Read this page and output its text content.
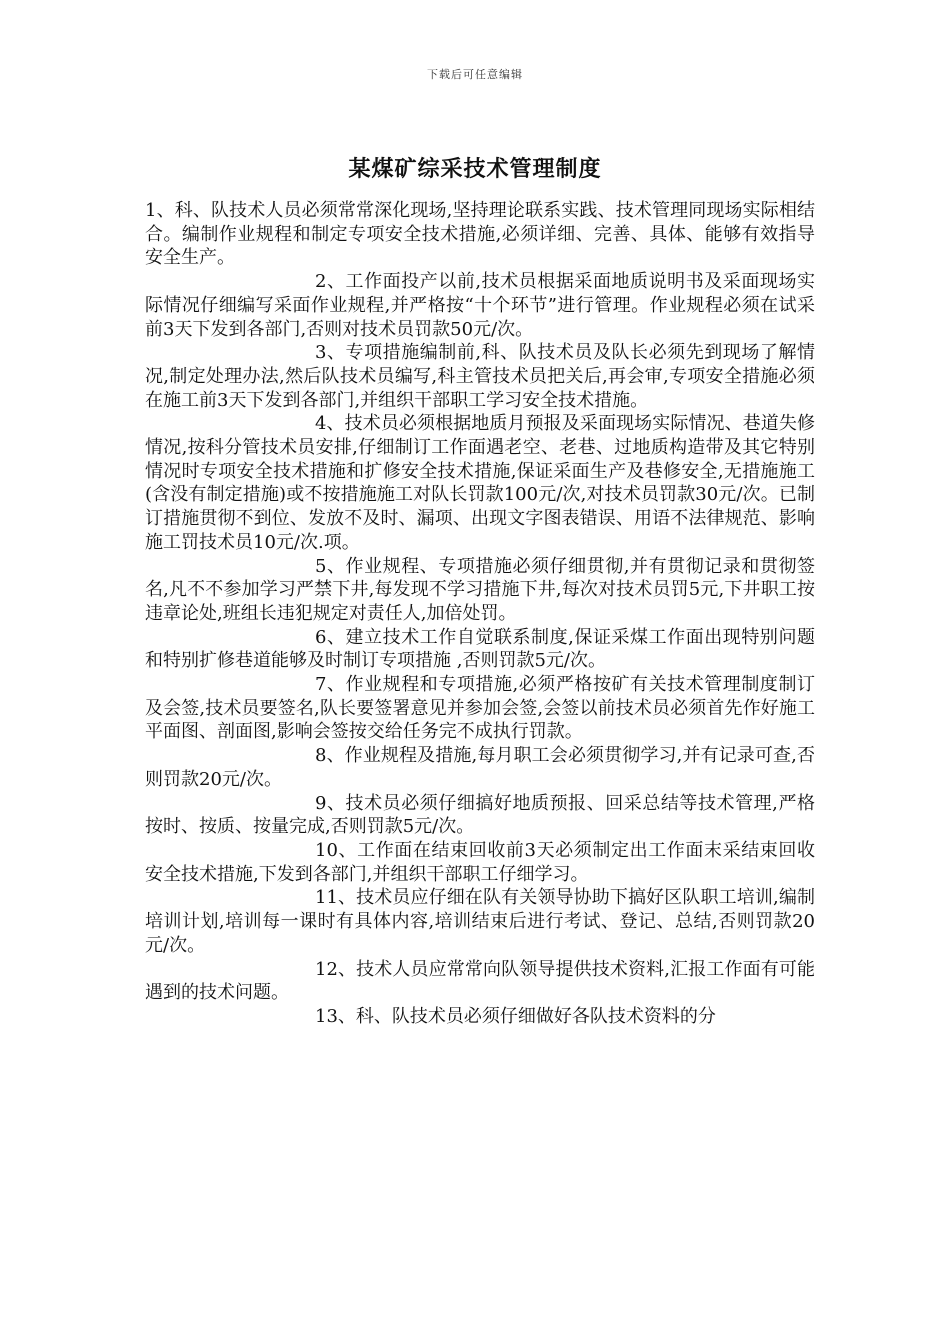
下载后可任意编辑
某煤矿综采技术管理制度

1、科、队技术人员必须常常深化现场,坚持理论联系实践、技术管理同现场实际相结合。编制作业规程和制定专项安全技术措施,必须详细、完善、具体、能够有效指导安全生产。

2、工作面投产以前,技术员根据采面地质说明书及采面现场实际情况仔细编写采面作业规程,并严格按“十个环节”进行管理。作业规程必须在试采前3天下发到各部门,否则对技术员罚款50元/次。

3、专项措施编制前,科、队技术员及队长必须先到现场了解情况,制定处理办法,然后队技术员编写,科主管技术员把关后,再会审,专项安全措施必须在施工前3天下发到各部门,并组织干部职工学习安全技术措施。

4、技术员必须根据地质月预报及采面现场实际情况、巷道失修情况,按科分管技术员安排,仔细制订工作面遇老空、老巷、过地质构造带及其它特别情况时专项安全技术措施和扩修安全技术措施,保证采面生产及巷修安全,无措施施工(含没有制定措施)或不按措施施工对队长罚款100元/次,对技术员罚款30元/次。已制订措施贯彻不到位、发放不及时、漏项、出现文字图表错误、用语不法律规范、影响施工罚技术员10元/次.项。

5、作业规程、专项措施必须仔细贯彻,并有贯彻记录和贯彻签名,凡不不参加学习严禁下井,每发现不学习措施下井,每次对技术员罚5元,下井职工按违章论处,班组长违犯规定对责任人,加倍处罚。

6、建立技术工作自觉联系制度,保证采煤工作面出现特别问题和特别扩修巷道能够及时制订专项措施 ,否则罚款5元/次。

7、作业规程和专项措施,必须严格按矿有关技术管理制度制订及会签,技术员要签名,队长要签署意见并参加会签,会签以前技术员必须首先作好施工平面图、剖面图,影响会签按交给任务完不成执行罚款。

8、作业规程及措施,每月职工会必须贯彻学习,并有记录可查,否则罚款20元/次。

9、技术员必须仔细搞好地质预报、回采总结等技术管理,严格按时、按质、按量完成,否则罚款5元/次。

10、工作面在结束回收前3天必须制定出工作面末采结束回收安全技术措施,下发到各部门,并组织干部职工仔细学习。

11、技术员应仔细在队有关领导协助下搞好区队职工培训,编制培训计划,培训每一课时有具体内容,培训结束后进行考试、登记、总结,否则罚款20元/次。

12、技术人员应常常向队领导提供技术资料,汇报工作面有可能遇到的技术问题。

13、科、队技术员必须仔细做好各队技术资料的分
